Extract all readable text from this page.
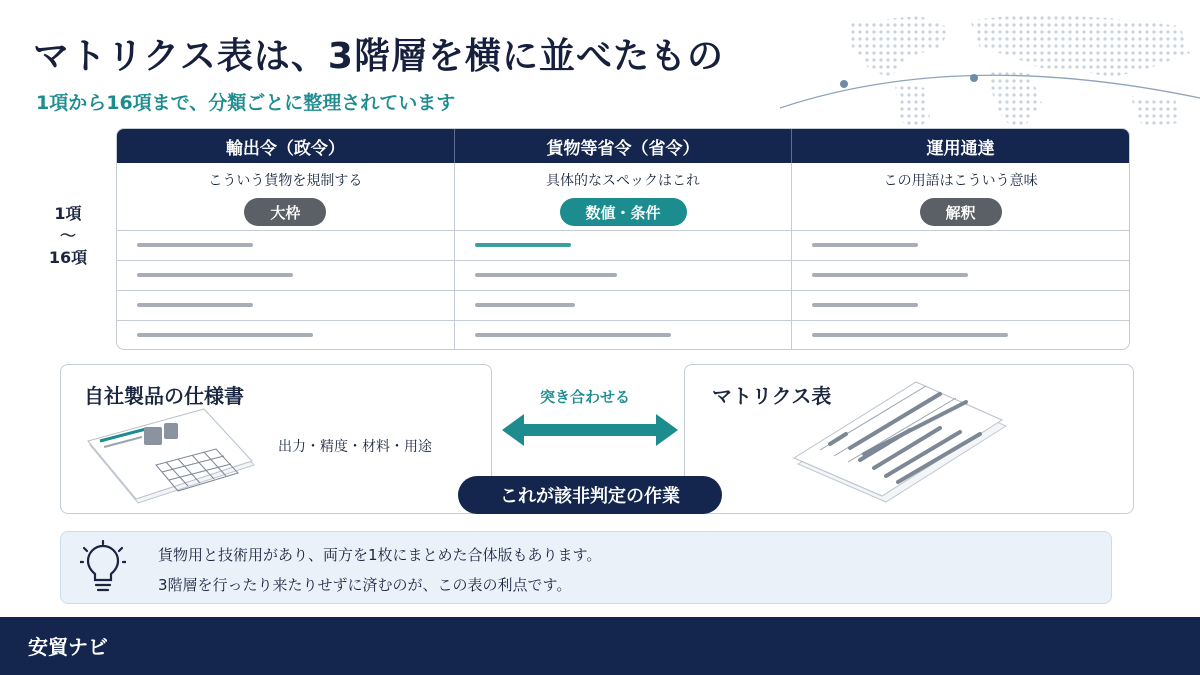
マトリクス表は、3階層を横に並べたもの
1項から16項まで、分類ごとに整理されています
1項
〜
16項
輸出令（政令）	貨物等省令（省令）	運用通達
こういう貨物を規制する
大枠
具体的なスペックはこれ
数値・条件
この用語はこういう意味
解釈
自社製品の仕様書
出力・精度・材料・用途
マトリクス表
突き合わせる
これが該非判定の作業
貨物用と技術用があり、両方を1枚にまとめた合体版もあります。
3階層を行ったり来たりせずに済むのが、この表の利点です。
安貿ナビ
